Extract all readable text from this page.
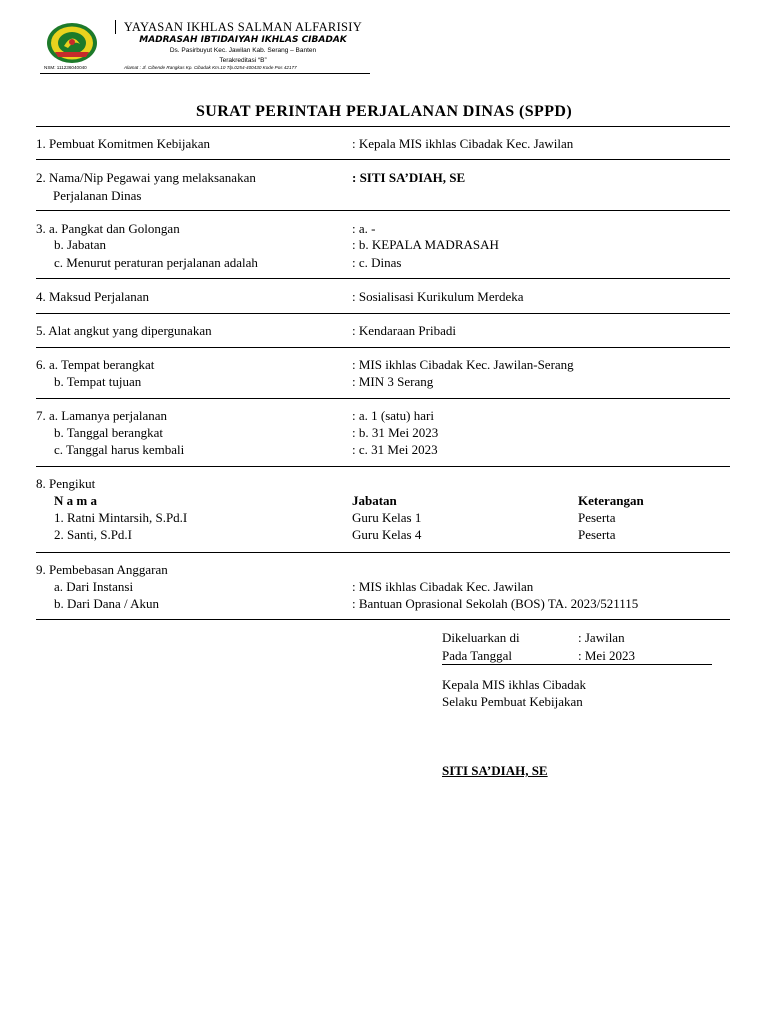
YAYASAN IKHLAS SALMAN ALFARISIY
MADRASAH IBTIDAIYAH IKHLAS CIBADAK
Ds. Pasirbuyut Kec. Jawilan Kab. Serang – Banten
Terakreditasi “B”
NSM: 111236040040	Alamat : Jl. Cibende Rangkas Kp. Cibadak Km.10 Tlp.0254-400430 Kode Pos 42177
SURAT PERINTAH PERJALANAN DINAS (SPPD)
1. Pembuat Komitmen Kebijakan	: Kepala MIS ikhlas Cibadak Kec. Jawilan
2. Nama/Nip Pegawai yang melaksanakan
Perjalanan Dinas
: SITI SA’DIAH, SE
3. a. Pangkat dan Golongan	: a. -
b. Jabatan	: b. KEPALA MADRASAH
c. Menurut peraturan perjalanan adalah	: c. Dinas
4. Maksud Perjalanan	: Sosialisasi Kurikulum Merdeka
5. Alat angkut yang dipergunakan	: Kendaraan Pribadi
6. a. Tempat berangkat	: MIS ikhlas Cibadak Kec. Jawilan-Serang
b. Tempat tujuan	: MIN 3 Serang
7. a. Lamanya perjalanan	: a. 1 (satu) hari
b. Tanggal berangkat	: b. 31 Mei 2023
c. Tanggal harus kembali	: c. 31 Mei 2023
8. Pengikut
N a m a	Jabatan	Keterangan
1. Ratni Mintarsih, S.Pd.I	Guru Kelas 1	Peserta
2. Santi, S.Pd.I	Guru Kelas 4	Peserta
9. Pembebasan Anggaran
a. Dari Instansi	: MIS ikhlas Cibadak Kec. Jawilan
b. Dari Dana / Akun	: Bantuan Oprasional Sekolah (BOS) TA. 2023/521115
Dikeluarkan di	: Jawilan
Pada Tanggal	: Mei 2023
Kepala MIS ikhlas Cibadak
Selaku Pembuat Kebijakan
SITI SA’DIAH, SE
